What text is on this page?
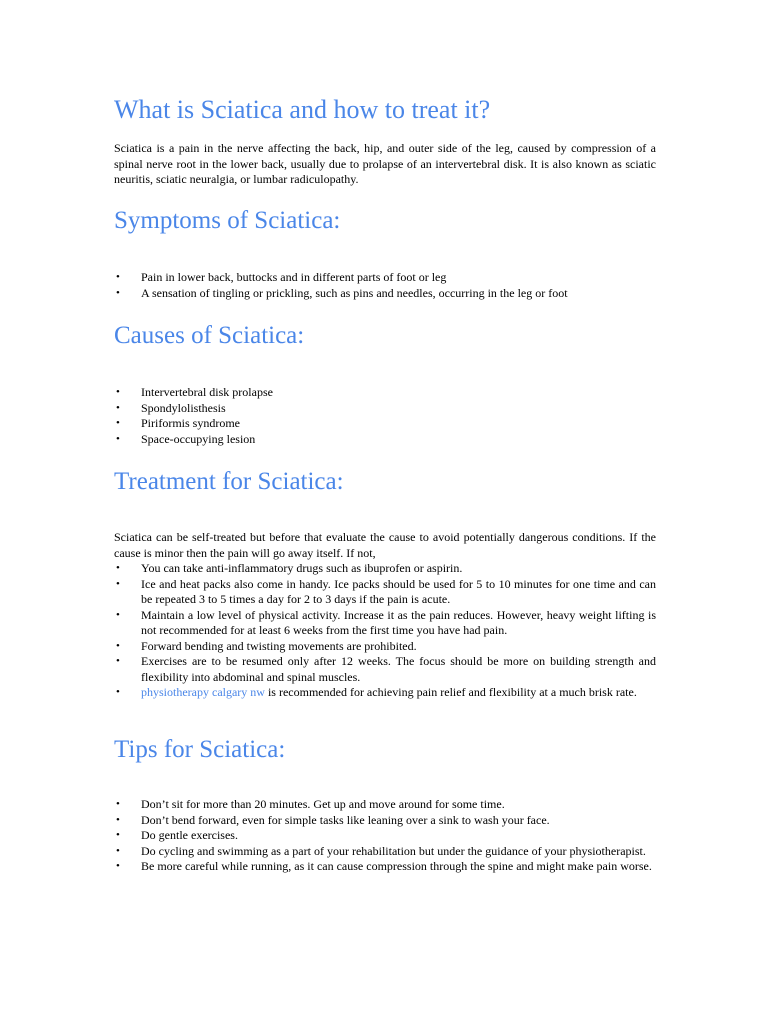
What is Sciatica and how to treat it?

Sciatica is a pain in the nerve affecting the back, hip, and outer side of the leg, caused by compression of a spinal nerve root in the lower back, usually due to prolapse of an intervertebral disk. It is also known as sciatic neuritis, sciatic neuralgia, or lumbar radiculopathy.

Symptoms of Sciatica:
• Pain in lower back, buttocks and in different parts of foot or leg
• A sensation of tingling or prickling, such as pins and needles, occurring in the leg or foot
Causes of Sciatica:
• Intervertebral disk prolapse
• Spondylolisthesis
• Piriformis syndrome
• Space-occupying lesion
Treatment for Sciatica:

Sciatica can be self-treated but before that evaluate the cause to avoid potentially dangerous conditions. If the cause is minor then the pain will go away itself. If not,

• You can take anti-inflammatory drugs such as ibuprofen or aspirin.
• Ice and heat packs also come in handy. Ice packs should be used for 5 to 10 minutes for one time and can be repeated 3 to 5 times a day for 2 to 3 days if the pain is acute.
• Maintain a low level of physical activity. Increase it as the pain reduces. However, heavy weight lifting is not recommended for at least 6 weeks from the first time you have had pain.
• Forward bending and twisting movements are prohibited.
• Exercises are to be resumed only after 12 weeks. The focus should be more on building strength and flexibility into abdominal and spinal muscles.
• physiotherapy calgary nw is recommended for achieving pain relief and flexibility at a much brisk rate.
Tips for Sciatica:
• Don’t sit for more than 20 minutes. Get up and move around for some time.
• Don’t bend forward, even for simple tasks like leaning over a sink to wash your face.
• Do gentle exercises.
• Do cycling and swimming as a part of your rehabilitation but under the guidance of your physiotherapist.
• Be more careful while running, as it can cause compression through the spine and might make pain worse.
